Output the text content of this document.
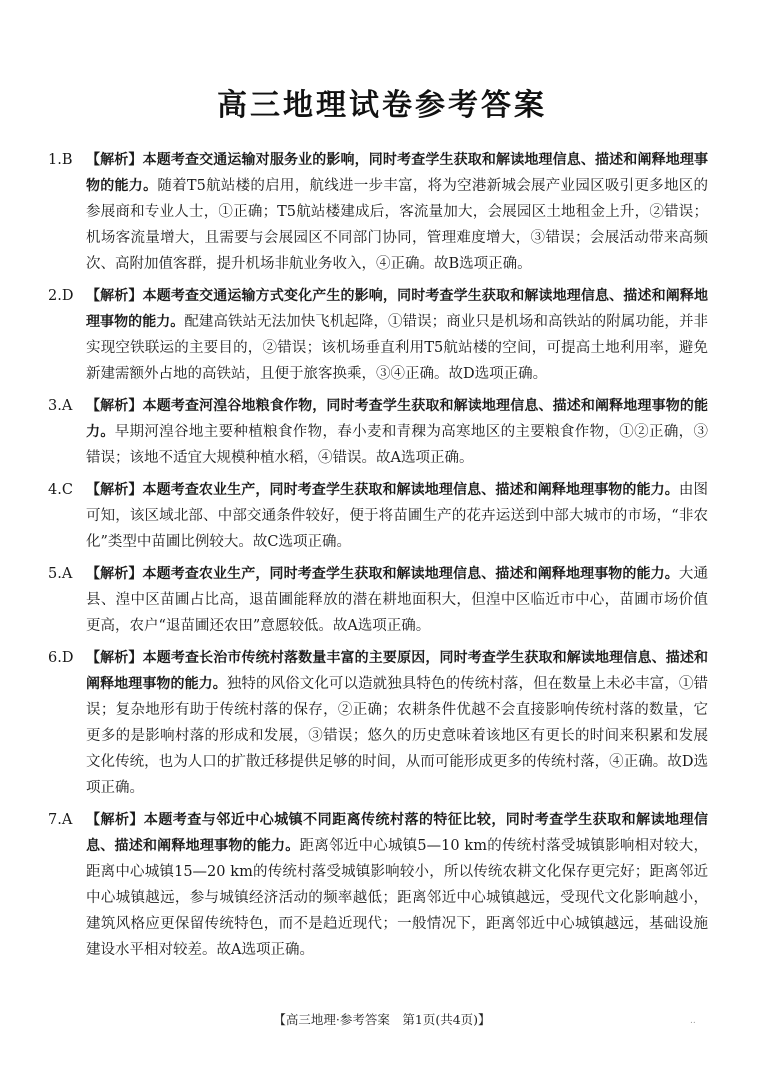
高三地理试卷参考答案
1.B 【解析】本题考查交通运输对服务业的影响，同时考查学生获取和解读地理信息、描述和阐释地理事物的能力。随着T5航站楼的启用，航线进一步丰富，将为空港新城会展产业园区吸引更多地区的参展商和专业人士，①正确；T5航站楼建成后，客流量加大，会展园区土地租金上升，②错误；机场客流量增大，且需要与会展园区不同部门协同，管理难度增大，③错误；会展活动带来高频次、高附加值客群，提升机场非航业务收入，④正确。故B选项正确。
2.D 【解析】本题考查交通运输方式变化产生的影响，同时考查学生获取和解读地理信息、描述和阐释地理事物的能力。配建高铁站无法加快飞机起降，①错误；商业只是机场和高铁站的附属功能，并非实现空铁联运的主要目的，②错误；该机场垂直利用T5航站楼的空间，可提高土地利用率，避免新建需额外占地的高铁站，且便于旅客换乘，③④正确。故D选项正确。
3.A 【解析】本题考查河湟谷地粮食作物，同时考查学生获取和解读地理信息、描述和阐释地理事物的能力。早期河湟谷地主要种植粮食作物，春小麦和青稞为高寒地区的主要粮食作物，①②正确，③错误；该地不适宜大规模种植水稻，④错误。故A选项正确。
4.C 【解析】本题考查农业生产，同时考查学生获取和解读地理信息、描述和阐释地理事物的能力。由图可知，该区域北部、中部交通条件较好，便于将苗圃生产的花卉运送到中部大城市的市场，“非农化”类型中苗圃比例较大。故C选项正确。
5.A 【解析】本题考查农业生产，同时考查学生获取和解读地理信息、描述和阐释地理事物的能力。大通县、湟中区苗圃占比高，退苗圃能释放的潜在耕地面积大，但湟中区临近市中心，苗圃市场价值更高，农户“退苗圃还农田”意愿较低。故A选项正确。
6.D 【解析】本题考查长治市传统村落数量丰富的主要原因，同时考查学生获取和解读地理信息、描述和阐释地理事物的能力。独特的风俗文化可以造就独具特色的传统村落，但在数量上未必丰富，①错误；复杂地形有助于传统村落的保存，②正确；农耕条件优越不会直接影响传统村落的数量，它更多的是影响村落的形成和发展，③错误；悠久的历史意味着该地区有更长的时间来积累和发展文化传统，也为人口的扩散迁移提供足够的时间，从而可能形成更多的传统村落，④正确。故D选项正确。
7.A 【解析】本题考查与邻近中心城镇不同距离传统村落的特征比较，同时考查学生获取和解读地理信息、描述和阐释地理事物的能力。距离邻近中心城镇5—10 km的传统村落受城镇影响相对较大，距离中心城镇15—20 km的传统村落受城镇影响较小，所以传统农耕文化保存更完好；距离邻近中心城镇越远，参与城镇经济活动的频率越低；距离邻近中心城镇越远，受现代文化影响越小，建筑风格应更保留传统特色，而不是趋近现代；一般情况下，距离邻近中心城镇越远，基础设施建设水平相对较差。故A选项正确。
【高三地理·参考答案　第1页(共4页)】	..
